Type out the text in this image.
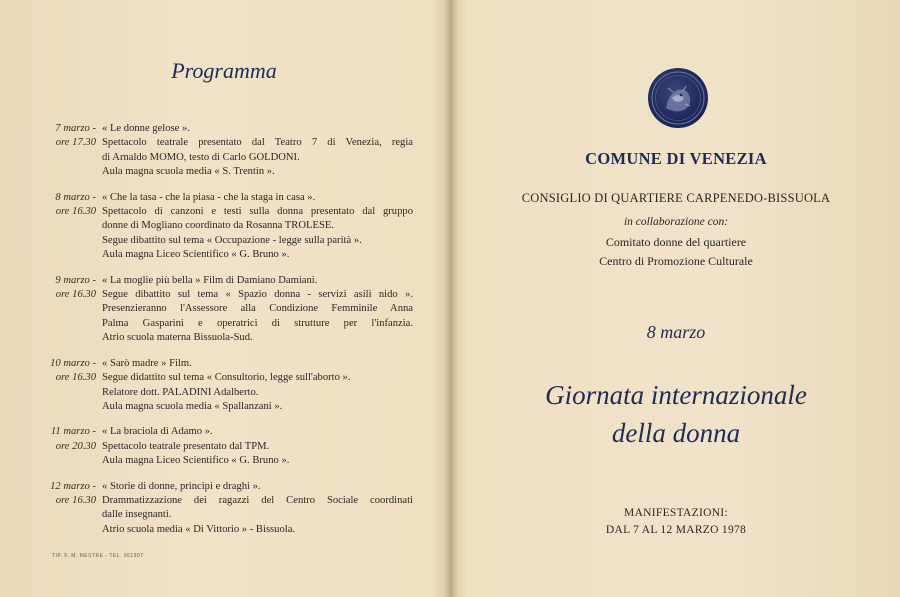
Programma
7 marzo -
ore 17.30
« Le donne gelose ».
Spettacolo teatrale presentato dal Teatro 7 di Venezia, regia
di Arnaldo MOMO, testo di Carlo GOLDONI.
Aula magna scuola media « S. Trentin ».
8 marzo -
ore 16.30
« Che la tasa - che la piasa - che la staga in casa ».
Spettacolo di canzoni e testi sulla donna presentato dal gruppo
donne di Mogliano coordinato da Rosanna TROLESE.
Segue dibattito sul tema « Occupazione - legge sulla parità ».
Aula magna Liceo Scientifico « G. Bruno ».
9 marzo -
ore 16.30
« La moglie più bella » Film di Damiano Damiani.
Segue dibattito sul tema « Spazio donna - servizi asili nido ».
Presenzieranno l'Assessore alla Condizione Femminile Anna
Palma Gasparini e operatrici di strutture per l'infanzia.
Atrio scuola materna Bissuola-Sud.
10 marzo -
ore 16.30
« Sarò madre » Film.
Segue didattito sul tema « Consultorio, legge sull'aborto ».
Relatore dott. PALADINI Adalberto.
Aula magna scuola media « Spallanzani ».
11 marzo -
ore 20.30
« La braciola di Adamo ».
Spettacolo teatrale presentato dal TPM.
Aula magna Liceo Scientifico « G. Bruno ».
12 marzo -
ore 16.30
« Storie di donne, principi e draghi ».
Drammatizzazione dei ragazzi del Centro Sociale coordinati
dalle insegnanti.
Atrio scuola media « Di Vittorio » - Bissuola.
TIP. F. M. MESTRE - TEL. 961907
COMUNE DI VENEZIA
CONSIGLIO DI QUARTIERE CARPENEDO-BISSUOLA
in collaborazione con:
Comitato donne del quartiere
Centro di Promozione Culturale
8 marzo
Giornata internazionale
della donna
MANIFESTAZIONI:
DAL 7 AL 12 MARZO 1978
